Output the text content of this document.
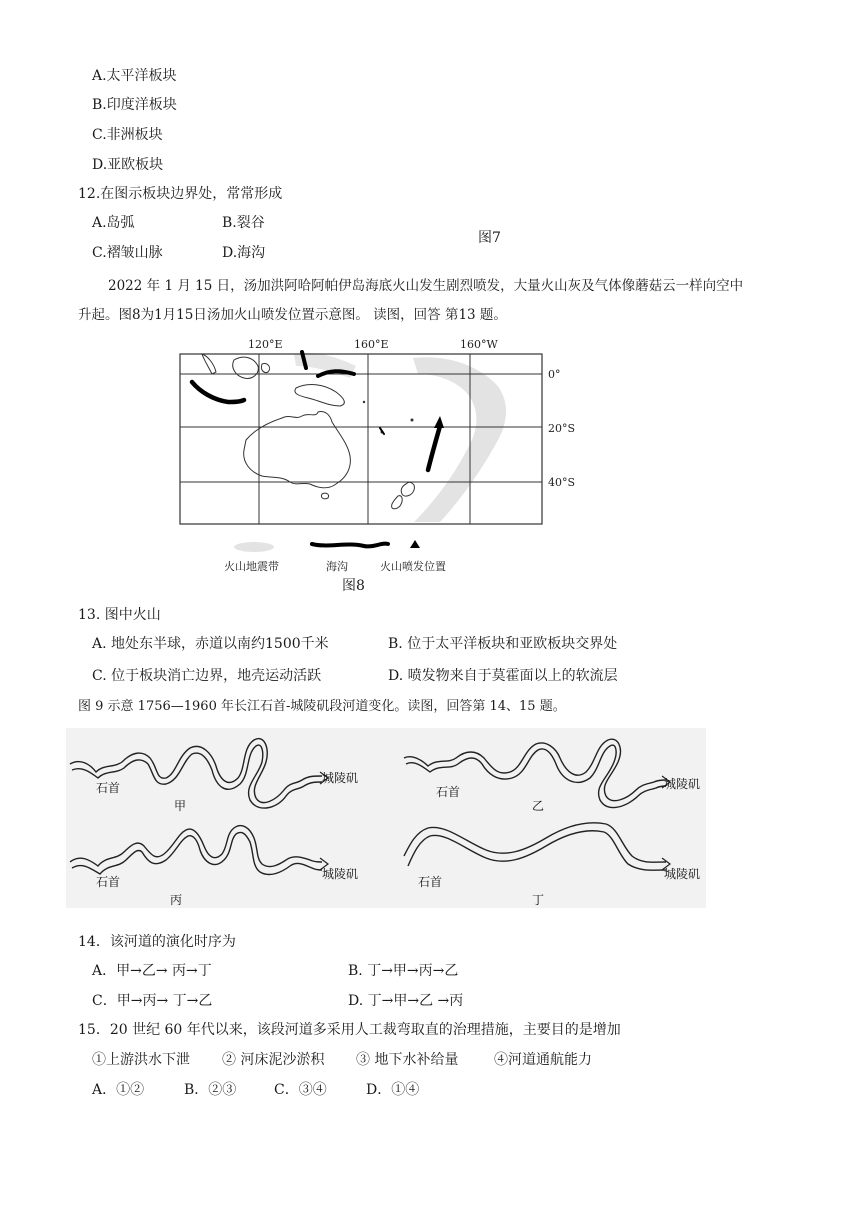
A.太平洋板块
B.印度洋板块
C.非洲板块
D.亚欧板块
12.在图示板块边界处，常常形成
A.岛弧	B.裂谷
C.褶皱山脉	D.海沟
图7
2022 年 1 月 15 日，汤加洪阿哈阿帕伊岛海底火山发生剧烈喷发，大量火山灰及气体像蘑菇云一样向空中
升起。图8为1月15日汤加火山喷发位置示意图。 读图，回答 第13 题。
120°E	160°E	160°W
0°
20°S
40°S
火山地震带	海沟	火山喷发位置
图8
13. 图中火山
A. 地处东半球，赤道以南约1500千米	B. 位于太平洋板块和亚欧板块交界处
C. 位于板块消亡边界，地壳运动活跃	D. 喷发物来自于莫霍面以上的软流层
图 9 示意 1756—1960 年长江石首-城陵矶段河道变化。读图，回答第 14、15 题。
石首
城陵矶
甲
石首
城陵矶
乙
石首
城陵矶
丙
石首
城陵矶
丁
14．该河道的演化时序为
A．甲→乙→ 丙→丁	B. 丁→甲→丙→乙
C．甲→丙→ 丁→乙	D. 丁→甲→乙 →丙
15．20 世纪 60 年代以来，该段河道多采用人工裁弯取直的治理措施，主要目的是增加
①上游洪水下泄 ② 河床泥沙淤积 ③ 地下水补给量	④河道通航能力
A．①②	B．②③	C．③④	D．①④
